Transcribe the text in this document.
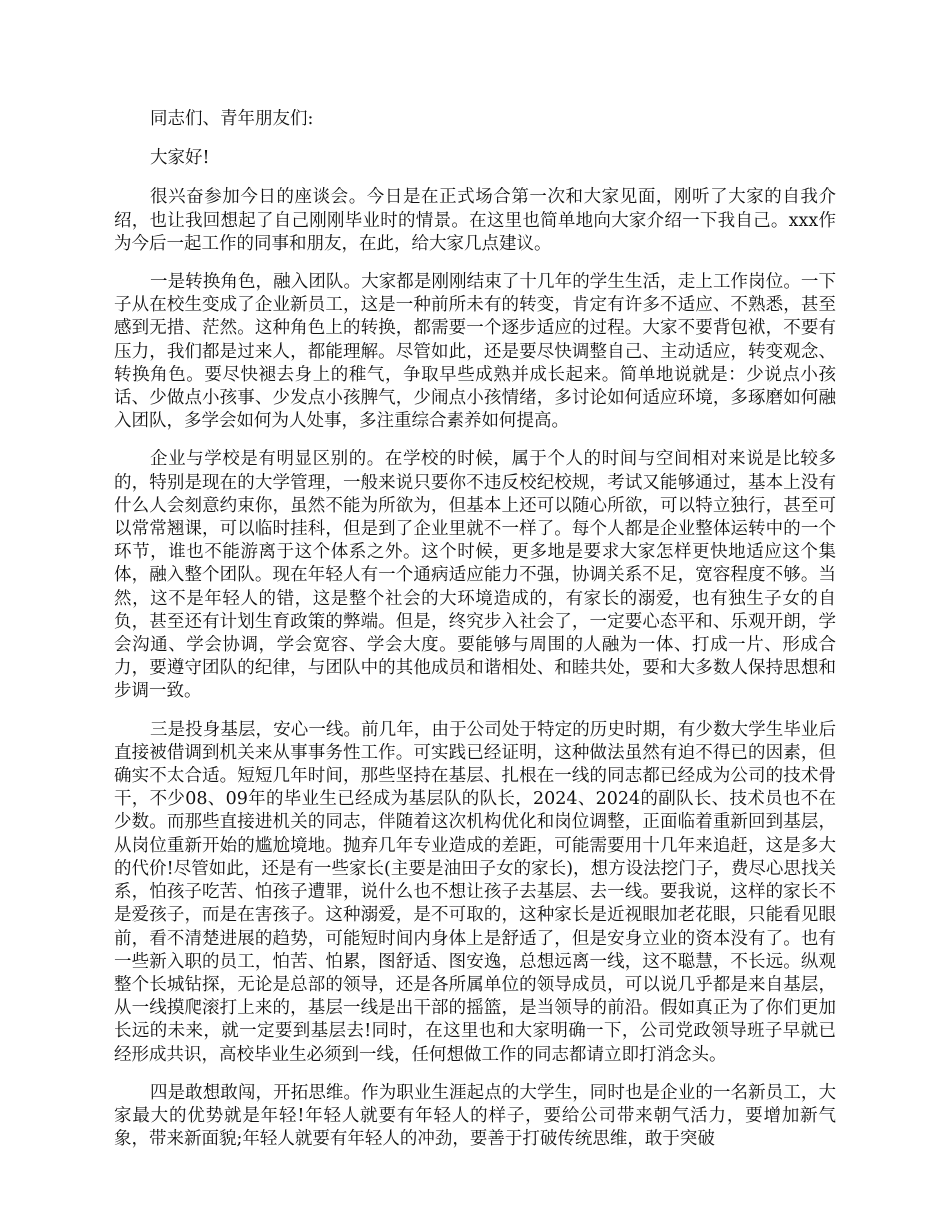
同志们、青年朋友们:

大家好!

很兴奋参加今日的座谈会。今日是在正式场合第一次和大家见面，刚听了大家的自我介绍，也让我回想起了自己刚刚毕业时的情景。在这里也简单地向大家介绍一下我自己。xxx作为今后一起工作的同事和朋友，在此，给大家几点建议。

一是转换角色，融入团队。大家都是刚刚结束了十几年的学生生活，走上工作岗位。一下子从在校生变成了企业新员工，这是一种前所未有的转变，肯定有许多不适应、不熟悉，甚至感到无措、茫然。这种角色上的转换，都需要一个逐步适应的过程。大家不要背包袱，不要有压力，我们都是过来人，都能理解。尽管如此，还是要尽快调整自己、主动适应，转变观念、转换角色。要尽快褪去身上的稚气，争取早些成熟并成长起来。简单地说就是：少说点小孩话、少做点小孩事、少发点小孩脾气，少闹点小孩情绪，多讨论如何适应环境，多琢磨如何融入团队，多学会如何为人处事，多注重综合素养如何提高。

企业与学校是有明显区别的。在学校的时候，属于个人的时间与空间相对来说是比较多的，特别是现在的大学管理，一般来说只要你不违反校纪校规，考试又能够通过，基本上没有什么人会刻意约束你，虽然不能为所欲为，但基本上还可以随心所欲，可以特立独行，甚至可以常常翘课，可以临时挂科，但是到了企业里就不一样了。每个人都是企业整体运转中的一个环节，谁也不能游离于这个体系之外。这个时候，更多地是要求大家怎样更快地适应这个集体，融入整个团队。现在年轻人有一个通病适应能力不强，协调关系不足，宽容程度不够。当然，这不是年轻人的错，这是整个社会的大环境造成的，有家长的溺爱，也有独生子女的自负，甚至还有计划生育政策的弊端。但是，终究步入社会了，一定要心态平和、乐观开朗，学会沟通、学会协调，学会宽容、学会大度。要能够与周围的人融为一体、打成一片、形成合力，要遵守团队的纪律，与团队中的其他成员和谐相处、和睦共处，要和大多数人保持思想和步调一致。

三是投身基层，安心一线。前几年，由于公司处于特定的历史时期，有少数大学生毕业后直接被借调到机关来从事事务性工作。可实践已经证明，这种做法虽然有迫不得已的因素，但确实不太合适。短短几年时间，那些坚持在基层、扎根在一线的同志都已经成为公司的技术骨干，不少08、09年的毕业生已经成为基层队的队长，2024、2024的副队长、技术员也不在少数。而那些直接进机关的同志，伴随着这次机构优化和岗位调整，正面临着重新回到基层，从岗位重新开始的尴尬境地。抛弃几年专业造成的差距，可能需要用十几年来追赶，这是多大的代价!尽管如此，还是有一些家长(主要是油田子女的家长)，想方设法挖门子，费尽心思找关系，怕孩子吃苦、怕孩子遭罪，说什么也不想让孩子去基层、去一线。要我说，这样的家长不是爱孩子，而是在害孩子。这种溺爱，是不可取的，这种家长是近视眼加老花眼，只能看见眼前，看不清楚进展的趋势，可能短时间内身体上是舒适了，但是安身立业的资本没有了。也有一些新入职的员工，怕苦、怕累，图舒适、图安逸，总想远离一线，这不聪慧，不长远。纵观整个长城钻探，无论是总部的领导，还是各所属单位的领导成员，可以说几乎都是来自基层，从一线摸爬滚打上来的，基层一线是出干部的摇篮，是当领导的前沿。假如真正为了你们更加长远的未来，就一定要到基层去!同时，在这里也和大家明确一下，公司党政领导班子早就已经形成共识，高校毕业生必须到一线，任何想做工作的同志都请立即打消念头。

四是敢想敢闯，开拓思维。作为职业生涯起点的大学生，同时也是企业的一名新员工，大家最大的优势就是年轻!年轻人就要有年轻人的样子，要给公司带来朝气活力，要增加新气象，带来新面貌;年轻人就要有年轻人的冲劲，要善于打破传统思维，敢于突破
